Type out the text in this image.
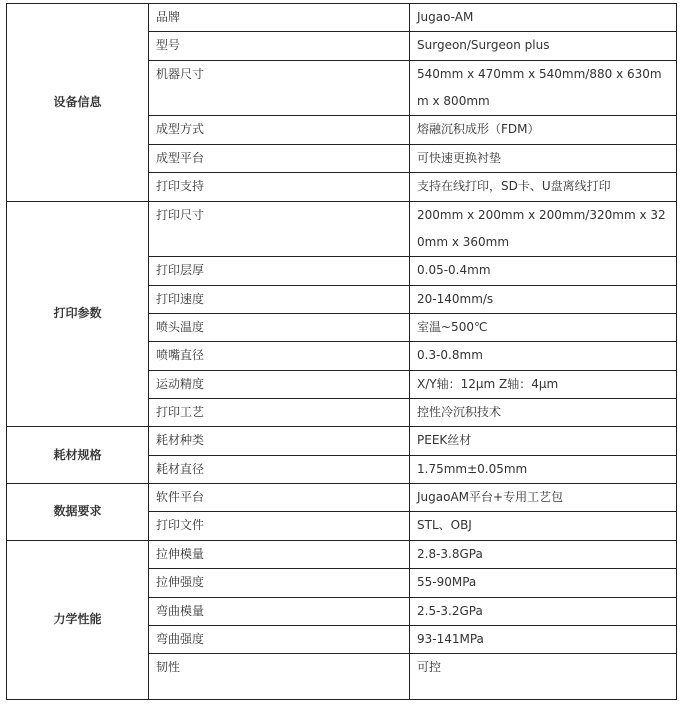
设备信息	品牌	Jugao-AM
	型号	Surgeon/Surgeon plus
	机器尺寸	540mm x 470mm x 540mm/880 x 630mm x 800mm
	成型方式	熔融沉积成形（FDM）
	成型平台	可快速更换衬垫
	打印支持	支持在线打印，SD卡、U盘离线打印
打印参数	打印尺寸	200mm x 200mm x 200mm/320mm x 320mm x 360mm
	打印层厚	0.05-0.4mm
	打印速度	20-140mm/s
	喷头温度	室温~500℃
	喷嘴直径	0.3-0.8mm
	运动精度	X/Y轴：12μm Z轴：4μm
	打印工艺	控性冷沉积技术
耗材规格	耗材种类	PEEK丝材
	耗材直径	1.75mm±0.05mm
数据要求	软件平台	JugaoAM平台+专用工艺包
	打印文件	STL、OBJ
力学性能	拉伸模量	2.8-3.8GPa
	拉伸强度	55-90MPa
	弯曲模量	2.5-3.2GPa
	弯曲强度	93-141MPa
	韧性	可控
